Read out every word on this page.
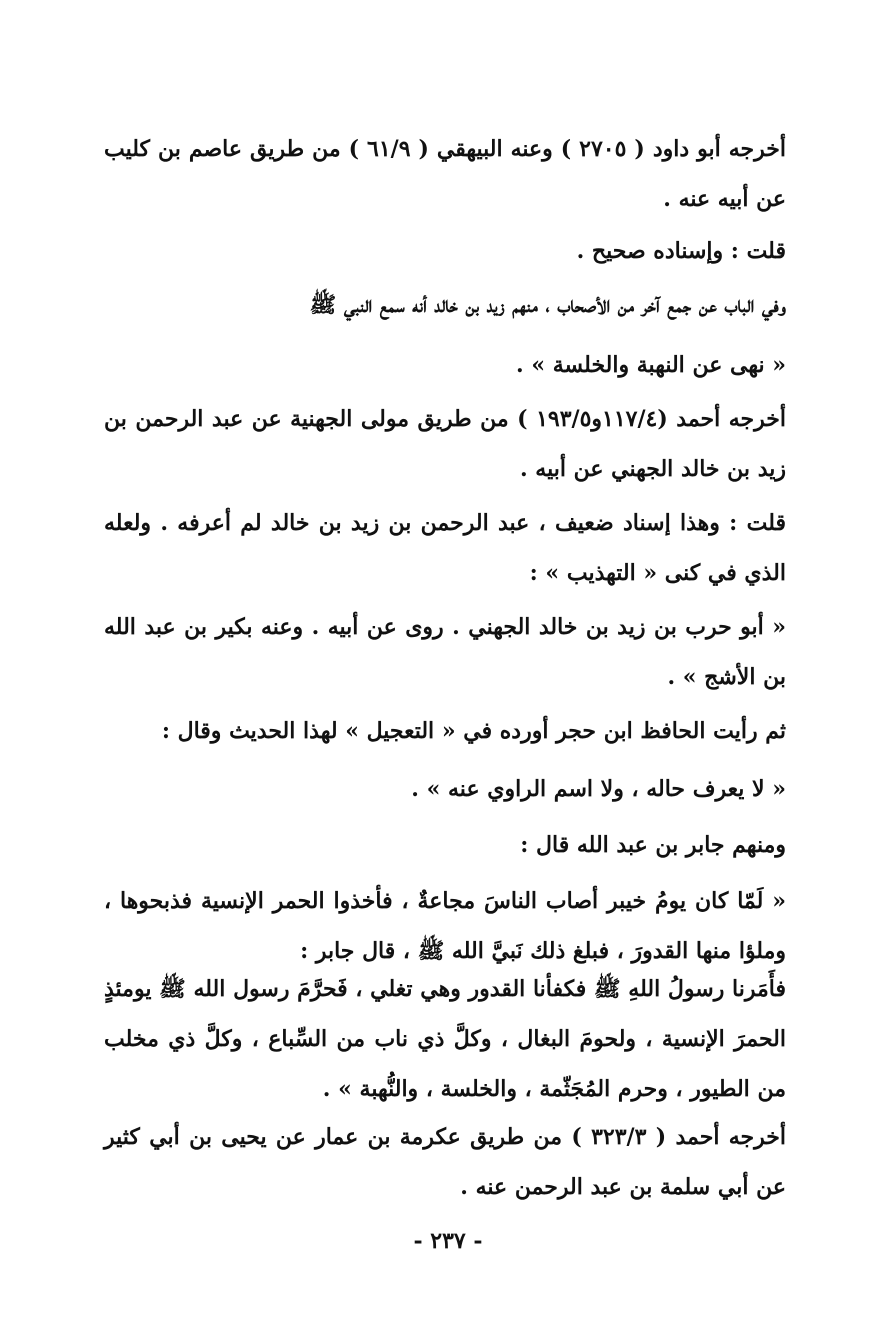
أخرجه أبو داود ( ٢٧٠٥ ) وعنه البيهقي ( ٦١/٩ ) من طريق عاصم بن كليب عن أبيه عنه .

قلت : وإسناده صحيح .

وفي الباب عن جمع آخر من الأصحاب ، منهم زيد بن خالد أنه سمع النبي ﷺ

« نهى عن النهبة والخلسة » .

أخرجه أحمد (١١٧/٤و١٩٣/٥ ) من طريق مولى الجهنية عن عبد الرحمن بن زيد بن خالد الجهني عن أبيه .

قلت : وهذا إسناد ضعيف ، عبد الرحمن بن زيد بن خالد لم أعرفه . ولعله الذي في كنى « التهذيب » :

« أبو حرب بن زيد بن خالد الجهني . روى عن أبيه . وعنه بكير بن عبد الله بن الأشج » .

ثم رأيت الحافظ ابن حجر أورده في « التعجيل » لهذا الحديث وقال :

« لا يعرف حاله ، ولا اسم الراوي عنه » .

ومنهم جابر بن عبد الله قال :

« لَمّا كان يومُ خيبر أصاب الناسَ مجاعةٌ ، فأخذوا الحمر الإنسية فذبحوها ، وملؤا منها القدورَ ، فبلغ ذلك نَبيَّ الله ﷺ ، قال جابر :

فأَمَرنا رسولُ اللهِ ﷺ فكفأنا القدور وهي تغلي ، فَحرَّمَ رسول الله ﷺ يومئذٍ الحمرَ الإنسية ، ولحومَ البغال ، وكلَّ ذي ناب من السِّباع ، وكلَّ ذي مخلب من الطيور ، وحرم المُجَثّمة ، والخلسة ، والنُّهبة » .

أخرجه أحمد ( ٣٢٣/٣ ) من طريق عكرمة بن عمار عن يحيى بن أبي كثير عن أبي سلمة بن عبد الرحمن عنه .

- ٢٣٧ -
